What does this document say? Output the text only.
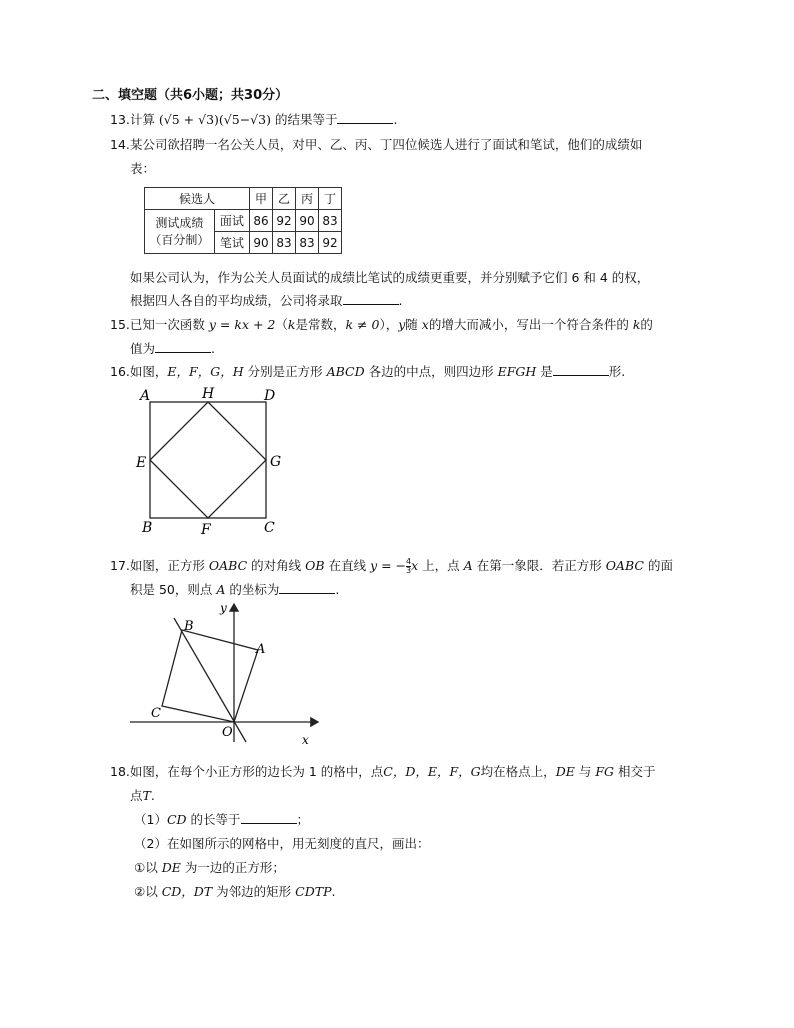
二、填空题（共6小题；共30分）
13.计算 (√5 + √3)(√5−√3) 的结果等于	.
14.某公司欲招聘一名公关人员，对甲、乙、丙、丁四位候选人进行了面试和笔试，他们的成绩如
表：
候选人		甲	乙	丙	丁

测试成绩
（百分制）	面试	86	92	90	83
	笔试	90	83	83	92
如果公司认为，作为公关人员面试的成绩比笔试的成绩更重要，并分别赋予它们 6 和 4 的权，
根据四人各自的平均成绩，公司将录取	.
15.已知一次函数 y = kx + 2（k是常数，k ≠ 0），y随 x的增大而减小，写出一个符合条件的 k的
值为	.
16.如图，E，F，G，H 分别是正方形 ABCD 各边的中点，则四边形 EFGH 是	形.
A	H	D
E	G
B	F	C
17.如图，正方形 OABC 的对角线 OB 在直线 y = − $\frac{4}{3}$ x 上，点 A 在第一象限．若正方形 OABC 的面
积是 50，则点 A 的坐标为	.
y
B
A
C
O	x
18.如图，在每个小正方形的边长为 1 的格中，点C，D，E，F，G均在格点上，DE 与 FG 相交于
点T.
（1）CD 的长等于	；
（2）在如图所示的网格中，用无刻度的直尺，画出：
①以 DE 为一边的正方形；
②以 CD，DT 为邻边的矩形 CDTP.
